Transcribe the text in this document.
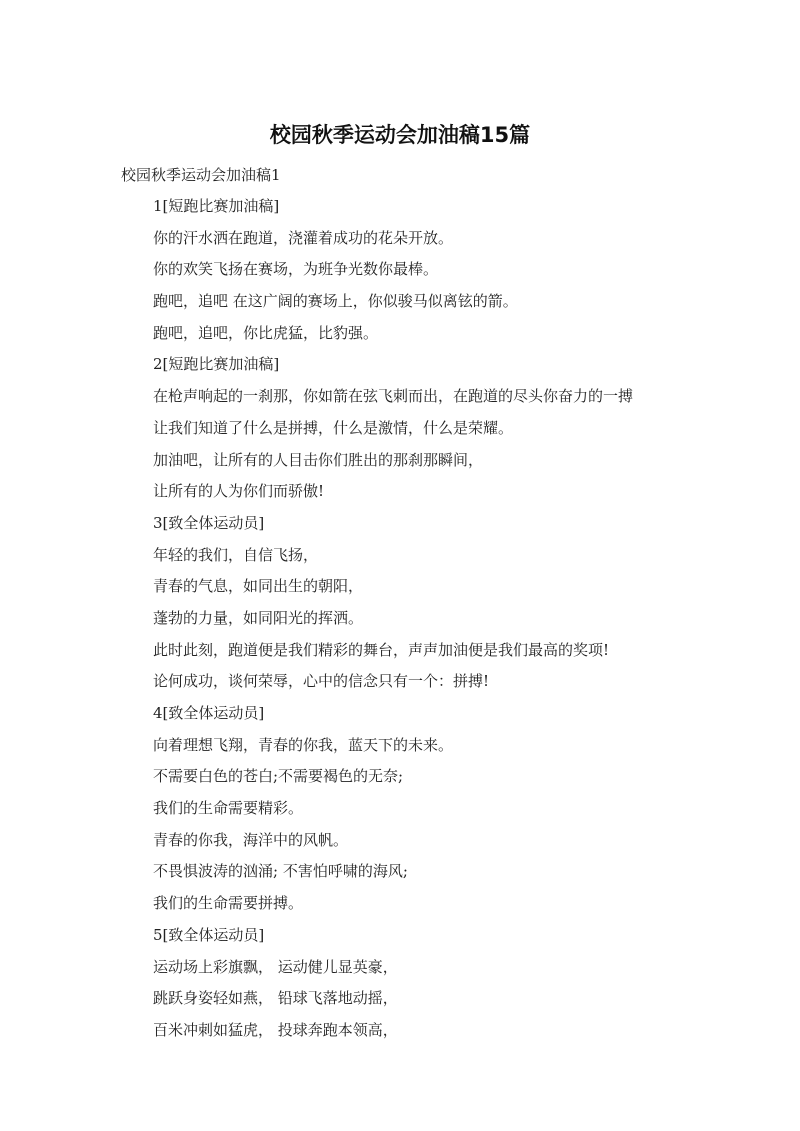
校园秋季运动会加油稿15篇
校园秋季运动会加油稿1
1[短跑比赛加油稿]
你的汗水洒在跑道，浇灌着成功的花朵开放。
你的欢笑飞扬在赛场，为班争光数你最棒。
跑吧，追吧 在这广阔的赛场上，你似骏马似离铉的箭。
跑吧，追吧，你比虎猛，比豹强。
2[短跑比赛加油稿]
在枪声响起的一刹那，你如箭在弦飞刺而出，在跑道的尽头你奋力的一搏
让我们知道了什么是拼搏，什么是激情，什么是荣耀。
加油吧，让所有的人目击你们胜出的那刹那瞬间，
让所有的人为你们而骄傲!
3[致全体运动员]
年轻的我们，自信飞扬，
青春的气息，如同出生的朝阳，
蓬勃的力量，如同阳光的挥洒。
此时此刻，跑道便是我们精彩的舞台，声声加油便是我们最高的奖项!
论何成功，谈何荣辱，心中的信念只有一个：拼搏!
4[致全体运动员]
向着理想飞翔，青春的你我，蓝天下的未来。
不需要白色的苍白;不需要褐色的无奈;
我们的生命需要精彩。
青春的你我，海洋中的风帆。
不畏惧波涛的汹涌; 不害怕呼啸的海风;
我们的生命需要拼搏。
5[致全体运动员]
运动场上彩旗飘， 运动健儿显英豪，
跳跃身姿轻如燕， 铅球飞落地动摇，
百米冲刺如猛虎， 投球奔跑本领高，
